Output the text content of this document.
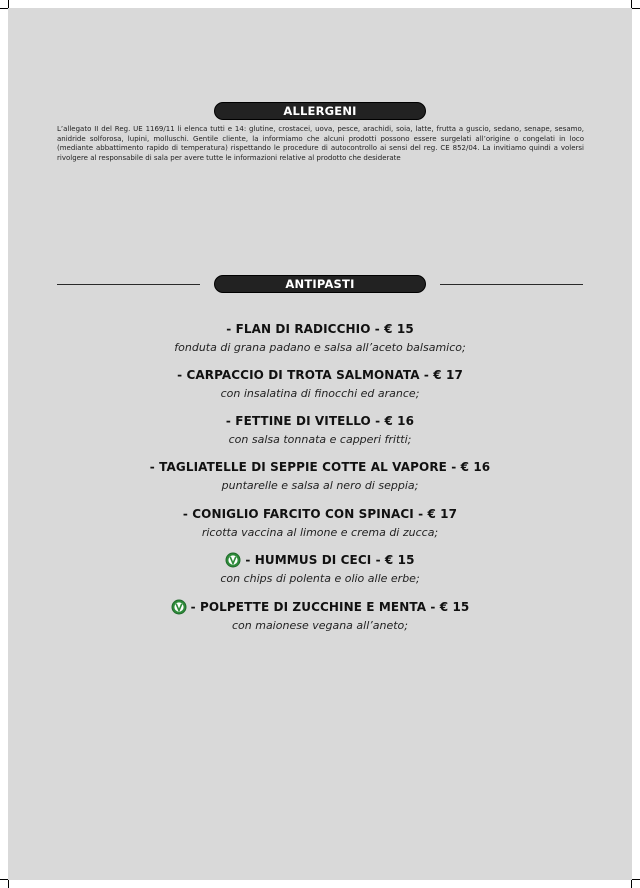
ALLERGENI
L’allegato II del Reg. UE 1169/11 li elenca tutti e 14: glutine, crostacei, uova, pesce, arachidi, soia, latte, frutta a guscio, sedano, senape, sesamo, anidride solforosa, lupini, molluschi. Gentile cliente, la informiamo che alcuni prodotti possono essere surgelati all’origine o congelati in loco (mediante abbattimento rapido di temperatura) rispettando le procedure di autocontrollo ai sensi del reg. CE 852/04. La invitiamo quindi a volersi rivolgere al responsabile di sala per avere tutte le informazioni relative al prodotto che desiderate
ANTIPASTI
- FLAN DI RADICCHIO - € 15
fonduta di grana padano e salsa all’aceto balsamico;
- CARPACCIO DI TROTA SALMONATA - € 17
con insalatina di finocchi ed arance;
- FETTINE DI VITELLO - € 16
con salsa tonnata e capperi fritti;
- TAGLIATELLE DI SEPPIE COTTE AL VAPORE - € 16
puntarelle e salsa al nero di seppia;
- CONIGLIO FARCITO CON SPINACI - € 17
ricotta vaccina al limone e crema di zucca;
- HUMMUS DI CECI - € 15
con chips di polenta e olio alle erbe;
- POLPETTE DI ZUCCHINE E MENTA - € 15
con maionese vegana all’aneto;
